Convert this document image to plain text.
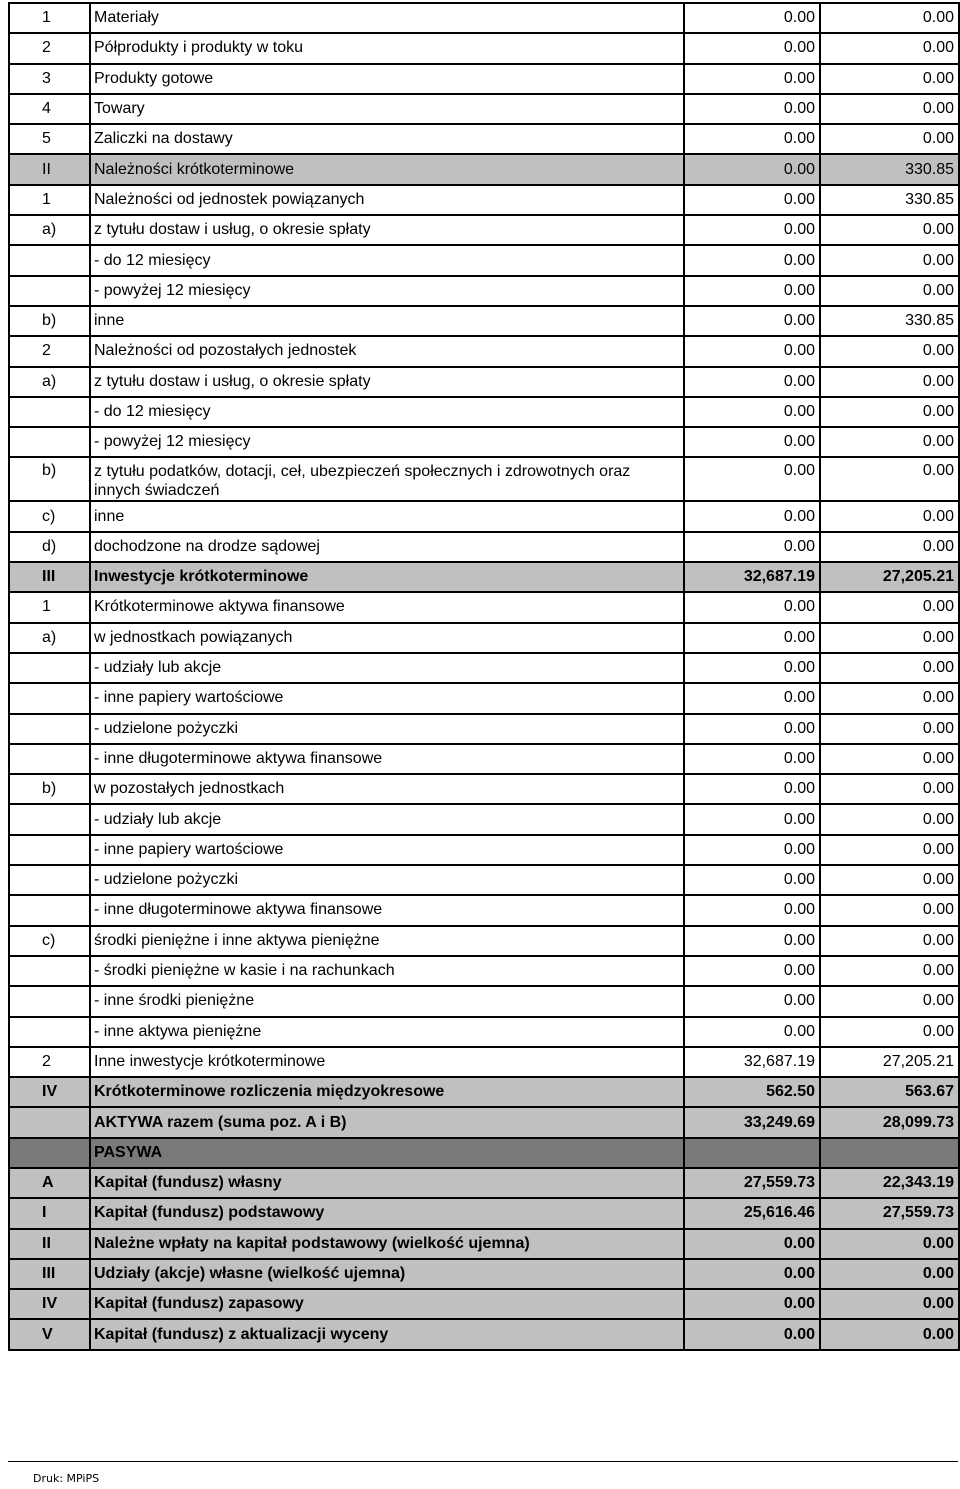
1	Materiały	0.00	0.00
2	Półprodukty i produkty w toku	0.00	0.00
3	Produkty gotowe	0.00	0.00
4	Towary	0.00	0.00
5	Zaliczki na dostawy	0.00	0.00
II	Należności krótkoterminowe	0.00	330.85
1	Należności od jednostek powiązanych	0.00	330.85
a)	z tytułu dostaw i usług, o okresie spłaty	0.00	0.00
	- do 12 miesięcy	0.00	0.00
	- powyżej 12 miesięcy	0.00	0.00
b)	inne	0.00	330.85
2	Należności od pozostałych jednostek	0.00	0.00
a)	z tytułu dostaw i usług, o okresie spłaty	0.00	0.00
	- do 12 miesięcy	0.00	0.00
	- powyżej 12 miesięcy	0.00	0.00
b)	z tytułu podatków, dotacji, ceł, ubezpieczeń społecznych i zdrowotnych oraz innych świadczeń	0.00	0.00
c)	inne	0.00	0.00
d)	dochodzone na drodze sądowej	0.00	0.00
III	Inwestycje krótkoterminowe	32,687.19	27,205.21
1	Krótkoterminowe aktywa finansowe	0.00	0.00
a)	w jednostkach powiązanych	0.00	0.00
	- udziały lub akcje	0.00	0.00
	- inne papiery wartościowe	0.00	0.00
	- udzielone pożyczki	0.00	0.00
	- inne długoterminowe aktywa finansowe	0.00	0.00
b)	w pozostałych jednostkach	0.00	0.00
	- udziały lub akcje	0.00	0.00
	- inne papiery wartościowe	0.00	0.00
	- udzielone pożyczki	0.00	0.00
	- inne długoterminowe aktywa finansowe	0.00	0.00
c)	środki pieniężne i inne aktywa pieniężne	0.00	0.00
	- środki pieniężne w kasie i na rachunkach	0.00	0.00
	- inne środki pieniężne	0.00	0.00
	- inne aktywa pieniężne	0.00	0.00
2	Inne inwestycje krótkoterminowe	32,687.19	27,205.21
IV	Krótkoterminowe rozliczenia międzyokresowe	562.50	563.67
	AKTYWA razem (suma poz. A i B)	33,249.69	28,099.73
	PASYWA		
A	Kapitał (fundusz) własny	27,559.73	22,343.19
I	Kapitał (fundusz) podstawowy	25,616.46	27,559.73
II	Należne wpłaty na kapitał podstawowy (wielkość ujemna)	0.00	0.00
III	Udziały (akcje) własne (wielkość ujemna)	0.00	0.00
IV	Kapitał (fundusz) zapasowy	0.00	0.00
V	Kapitał (fundusz) z aktualizacji wyceny	0.00	0.00
Druk: MPiPS
